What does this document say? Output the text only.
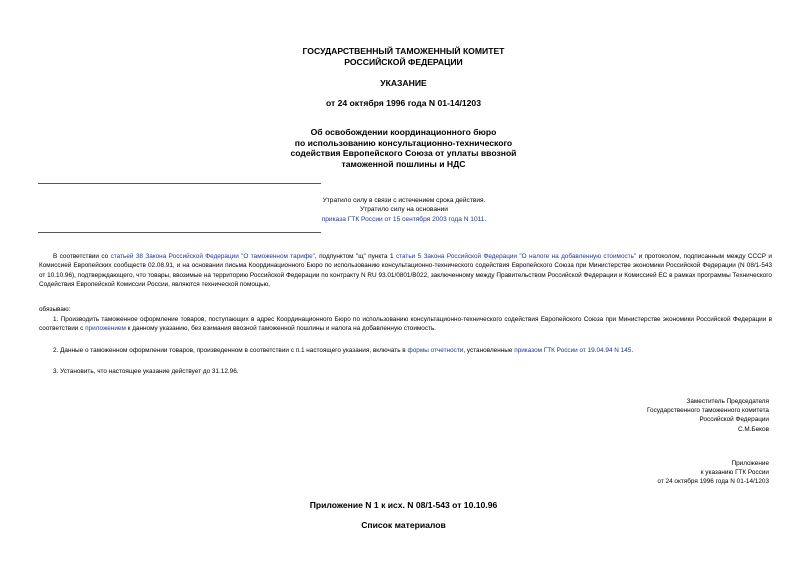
ГОСУДАРСТВЕННЫЙ ТАМОЖЕННЫЙ КОМИТЕТ
РОССИЙСКОЙ ФЕДЕРАЦИИ
УКАЗАНИЕ
от 24 октября 1996 года N 01-14/1203
Об освобождении координационного бюро
по использованию консультационно-технического
содействия Европейского Союза от уплаты ввозной
таможенной пошлины и НДС
Утратило силу в связи с истечением срока действия.
Утратило силу на основании
приказа ГТК России от 15 сентября 2003 года N 1011.
В соответствии со статьей 38 Закона Российской Федерации "О таможенном тарифе", подпунктом "щ" пункта 1 статьи 5 Закона Российской Федерации "О налоге на добавленную стоимость" и протоколом, подписанным между СССР и Комиссией Европейских сообществ 02.08.91, и на основании письма Координационного Бюро по использованию консультационно-технического содействия Европейского Союза при Министерстве экономики Российской Федерации (N 08/1-543 от 10.10.96), подтверждающего, что товары, ввозимые на территорию Российской Федерации по контракту N RU 93.01/0801/B022, заключенному между Правительством Российской Федерации и Комиссией ЕС в рамках программы Технического Содействия Европейской Комиссии России, являются технической помощью,
обязываю:
1. Производить таможенное оформление товаров, поступающих в адрес Координационного Бюро по использованию консультационно-технического содействия Европейского Союза при Министерстве экономики Российской Федерации в соответствии с приложением к данному указанию, без взимания ввозной таможенной пошлины и налога на добавленную стоимость.
2. Данные о таможенном оформлении товаров, произведенном в соответствии с п.1 настоящего указания, включать в формы отчетности, установленные приказом ГТК России от 19.04.94 N 145.
3. Установить, что настоящее указание действует до 31.12.96.
Заместитель Председателя
Государственного таможенного комитета
Российской Федерации
С.М.Беков
Приложение
к указанию ГТК России
от 24 октября 1996 года N 01-14/1203
Приложение N 1 к исх. N 08/1-543 от 10.10.96
Список материалов
